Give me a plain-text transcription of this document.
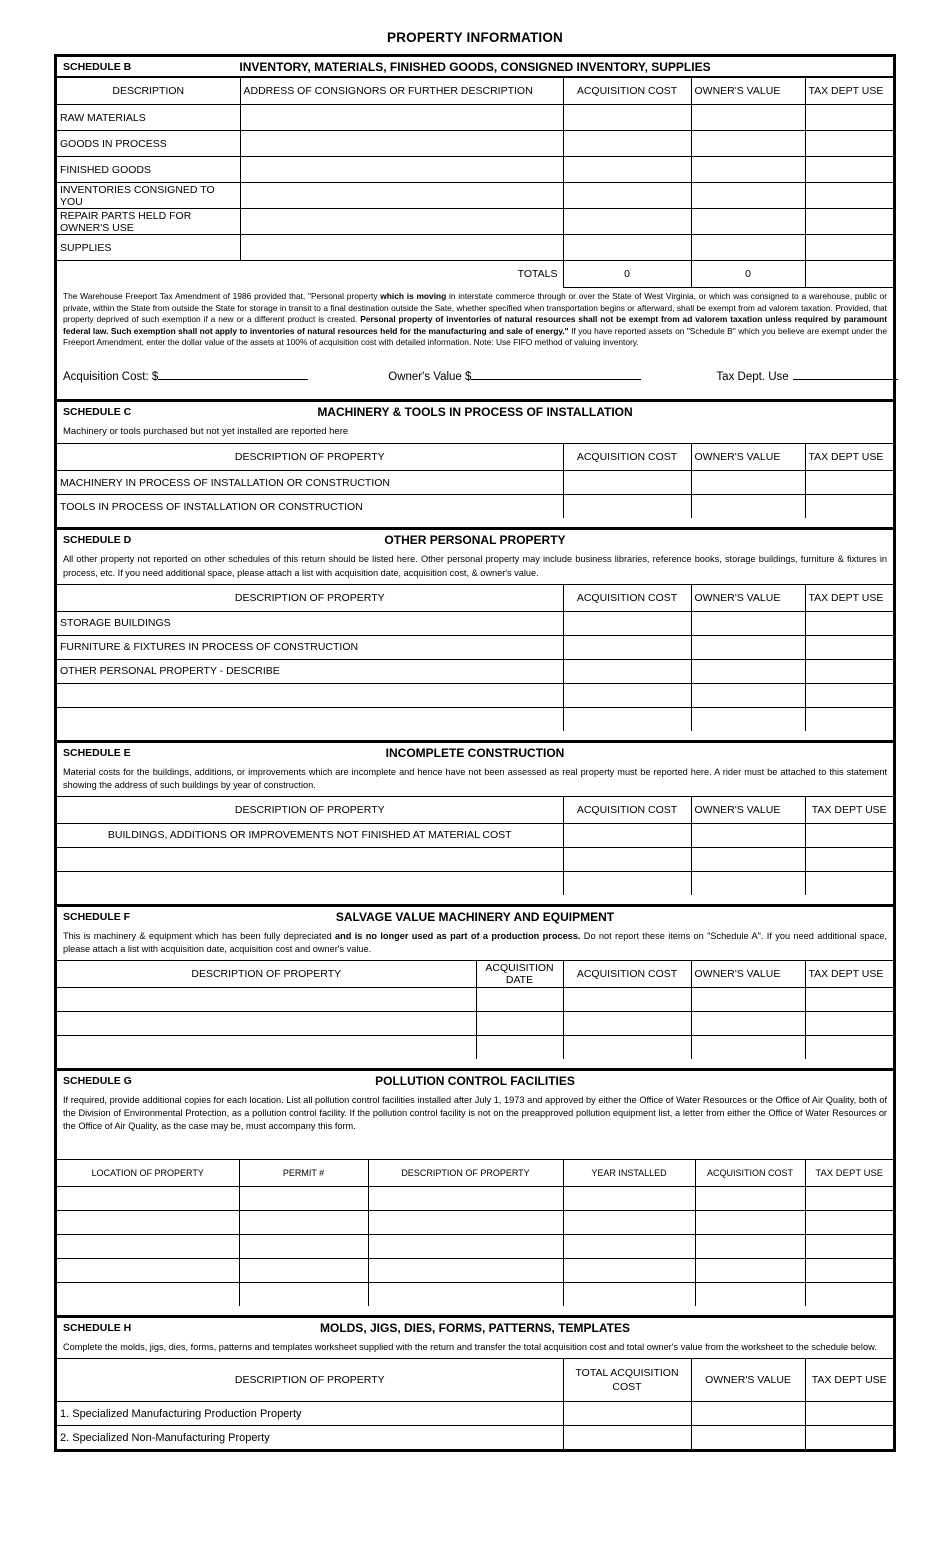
PROPERTY INFORMATION
SCHEDULE B	INVENTORY, MATERIALS, FINISHED GOODS, CONSIGNED INVENTORY, SUPPLIES
DESCRIPTION	ADDRESS OF CONSIGNORS OR FURTHER DESCRIPTION	ACQUISITION COST	OWNER'S VALUE	TAX DEPT USE
RAW MATERIALS				
GOODS IN PROCESS				
FINISHED GOODS				
INVENTORIES CONSIGNED TO YOU				
REPAIR PARTS HELD FOR OWNER'S USE				
SUPPLIES				
	TOTALS	0	0	
The Warehouse Freeport Tax Amendment of 1986 provided that, "Personal property which is moving in interstate commerce through or over the State of West Virginia, or which was consigned to a warehouse, public or private, within the State from outside the State for storage in transit to a final destination outside the Sate, whether specified when transportation begins or afterward, shall be exempt from ad valorem taxation. Provided, that property deprived of such exemption if a new or a different product is created. Personal property of inventories of natural resources shall not be exempt from ad valorem taxation unless required by paramount federal law. Such exemption shall not apply to inventories of natural resources held for the manufacturing and sale of energy." If you have reported assets on "Schedule B" which you believe are exempt under the Freeport Amendment, enter the dollar value of the assets at 100% of acquisition cost with detailed information. Note: Use FIFO method of valuing inventory.
Acquisition Cost: $	Owner's Value $	Tax Dept. Use
SCHEDULE C	MACHINERY & TOOLS IN PROCESS OF INSTALLATION
Machinery or tools purchased but not yet installed are reported here
DESCRIPTION OF PROPERTY	ACQUISITION COST	OWNER'S VALUE	TAX DEPT USE
MACHINERY IN PROCESS OF INSTALLATION OR CONSTRUCTION			
TOOLS IN PROCESS OF INSTALLATION OR CONSTRUCTION			
SCHEDULE D	OTHER PERSONAL PROPERTY
All other property not reported on other schedules of this return should be listed here. Other personal property may include business libraries, reference books, storage buildings, furniture & fixtures in process, etc. If you need additional space, please attach a list with acquisition date, acquisition cost, & owner's value.
DESCRIPTION OF PROPERTY	ACQUISITION COST	OWNER'S VALUE	TAX DEPT USE
STORAGE BUILDINGS			
FURNITURE & FIXTURES IN PROCESS OF CONSTRUCTION			
OTHER PERSONAL PROPERTY - DESCRIBE			

SCHEDULE E	INCOMPLETE CONSTRUCTION
Material costs for the buildings, additions, or improvements which are incomplete and hence have not been assessed as real property must be reported here. A rider must be attached to this statement showing the address of such buildings by year of construction.
DESCRIPTION OF PROPERTY	ACQUISITION COST	OWNER'S VALUE	TAX DEPT USE
BUILDINGS, ADDITIONS OR IMPROVEMENTS NOT FINISHED AT MATERIAL COST			

SCHEDULE F	SALVAGE VALUE MACHINERY AND EQUIPMENT
This is machinery & equipment which has been fully depreciated and is no longer used as part of a production process. Do not report these items on "Schedule A". If you need additional space, please attach a list with acquisition date, acquisition cost and owner's value.
DESCRIPTION OF PROPERTY	ACQUISITION DATE	ACQUISITION COST	OWNER'S VALUE	TAX DEPT USE

SCHEDULE G	POLLUTION CONTROL FACILITIES
If required, provide additional copies for each location. List all pollution control facilities installed after July 1, 1973 and approved by either the Office of Water Resources or the Office of Air Quality, both of the Division of Environmental Protection, as a pollution control facility. If the pollution control facility is not on the preapproved pollution equipment list, a letter from either the Office of Water Resources or the Office of Air Quality, as the case may be, must accompany this form.
LOCATION OF PROPERTY	PERMIT #	DESCRIPTION OF PROPERTY	YEAR INSTALLED	ACQUISITION COST	TAX DEPT USE

SCHEDULE H	MOLDS, JIGS, DIES, FORMS, PATTERNS, TEMPLATES
Complete the molds, jigs, dies, forms, patterns and templates worksheet supplied with the return and transfer the total acquisition cost and total owner's value from the worksheet to the schedule below.
DESCRIPTION OF PROPERTY	TOTAL ACQUISITION
COST	OWNER'S VALUE	TAX DEPT USE
1. Specialized Manufacturing Production Property			
2. Specialized Non-Manufacturing Property			
